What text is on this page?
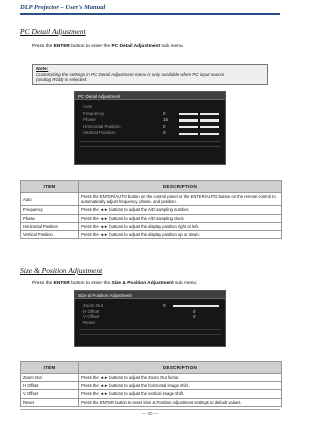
DLP Projector – User's Manual
PC Detail Adjustment
Press the ENTER button to enter the PC Detail Adjustment sub menu.
Note:
Customizing the settings in PC Detail Adjustment menu is only available when PC input source
(analog RGB) is selected.
PC Detail Adjustment
Auto
Frequency	0
Phase	15
Horizontal Position	0
Vertical Position	0
ITEM	DESCRIPTION
Auto	Press the ENTER/AUTO button on the control panel or the ENTER/AUTO button on the remote control to automatically adjust frequency, phase, and position.
Frequency	Press the ◄► buttons to adjust the A/D sampling number.
Phase	Press the ◄► buttons to adjust the A/D sampling clock.
Horizontal Position	Press the ◄► buttons to adjust the display position right or left.
Vertical Position	Press the ◄► buttons to adjust the display position up or down.
Size & Position Adjustment
Press the ENTER button to enter the Size & Position Adjustment sub menu.
Size & Position Adjustment
Zoom Out	0
H Offset	0
V Offset	0
Reset
ITEM	DESCRIPTION
Zoom Out	Press the ◄► buttons to adjust the Zoom Out factor.
H Offset	Press the ◄► buttons to adjust the horizontal image shift.
V Offset	Press the ◄► buttons to adjust the vertical image shift.
Reset	Press the ENTER button to reset Size & Position Adjustment settings to default values.
— 20 —
